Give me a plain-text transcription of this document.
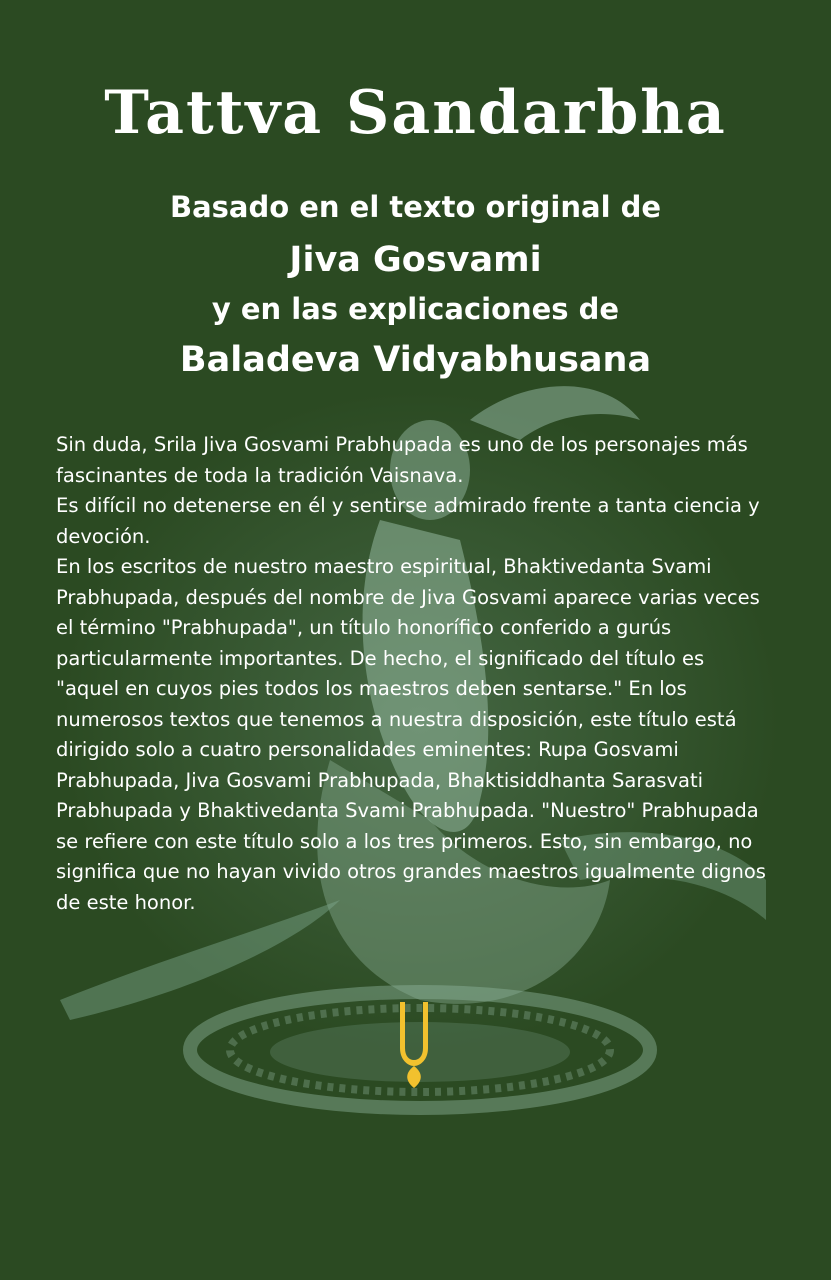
Tattva Sandarbha

Basado en el texto original de

Jiva Gosvami

y en las explicaciones de

Baladeva Vidyabhusana

Sin duda, Srila Jiva Gosvami Prabhupada es uno de los personajes más fascinantes de toda la tradición Vaisnava.

Es difícil no detenerse en él y sentirse admirado frente a tanta ciencia y devoción.

En los escritos de nuestro maestro espiritual, Bhaktivedanta Svami Prabhupada, después del nombre de Jiva Gosvami aparece varias veces el término "Prabhupada", un título honorífico conferido a gurús particularmente importantes. De hecho, el significado del título es "aquel en cuyos pies todos los maestros deben sentarse." En los numerosos textos que tenemos a nuestra disposición, este título está dirigido solo a cuatro personalidades eminentes: Rupa Gosvami Prabhupada, Jiva Gosvami Prabhupada, Bhaktisiddhanta Sarasvati Prabhupada y Bhaktivedanta Svami Prabhupada. "Nuestro" Prabhupada se refiere con este título solo a los tres primeros. Esto, sin embargo, no significa que no hayan vivido otros grandes maestros igualmente dignos de este honor.
